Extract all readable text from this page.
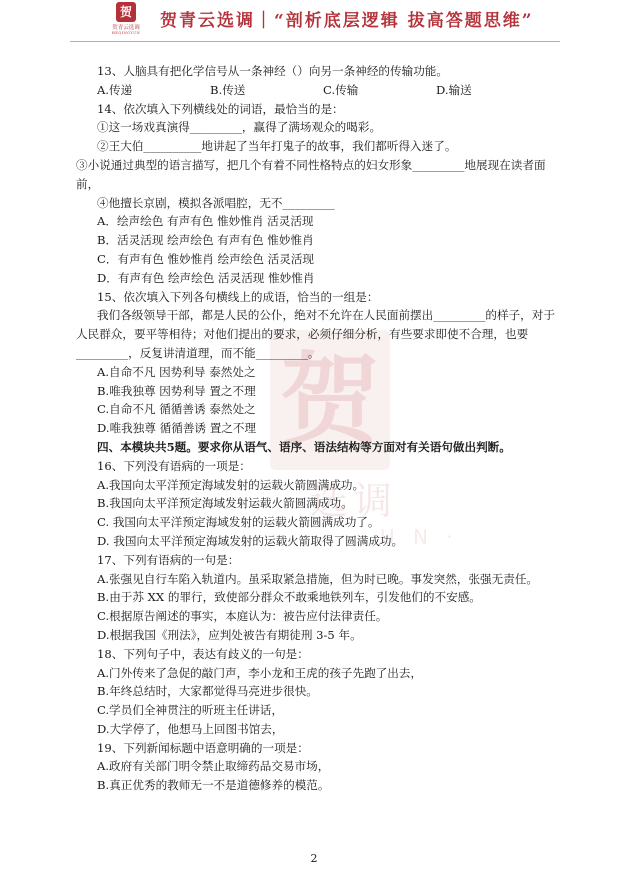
贺
贺青云选调
HEQINGYUN
贺青云选调｜“剖析底层逻辑 拔高答题思维”
贺
选调
U N ·
13、人脑具有把化学信号从一条神经（）向另一条神经的传输功能。
A.传递	B.传送	C.传输	D.输送
14、依次填入下列横线处的词语，最恰当的是：
①这一场戏真演得_________，赢得了满场观众的喝彩。
②王大伯__________地讲起了当年打鬼子的故事，我们都听得入迷了。
③小说通过典型的语言描写，把几个有着不同性格特点的妇女形象_________地展现在读者面前，
④他擅长京剧，模拟各派唱腔，无不_________
A．绘声绘色 有声有色 惟妙惟肖 活灵活现
B．活灵活现 绘声绘色 有声有色 惟妙惟肖
C．有声有色 惟妙惟肖 绘声绘色 活灵活现
D．有声有色 绘声绘色 活灵活现 惟妙惟肖
15、依次填入下列各句横线上的成语，恰当的一组是：
我们各级领导干部，都是人民的公仆，绝对不允许在人民面前摆出_________的样子，对于人民群众，要平等相待；对他们提出的要求，必须仔细分析，有些要求即使不合理，也要_________，反复讲清道理，而不能_________。
A.自命不凡 因势利导 泰然处之
B.唯我独尊 因势利导 置之不理
C.自命不凡 循循善诱 泰然处之
D.唯我独尊 循循善诱 置之不理
四、本模块共5题。要求你从语气、语序、语法结构等方面对有关语句做出判断。
16、下列没有语病的一项是：
A.我国向太平洋预定海域发射的运载火箭圆满成功。
B.我国向太平洋预定海域发射运载火箭圆满成功。
C. 我国向太平洋预定海域发射的运载火箭圆满成功了。
D. 我国向太平洋预定海域发射的运载火箭取得了圆满成功。
17、下列有语病的一句是：
A.张强见自行车陷入轨道内。虽采取紧急措施，但为时已晚。事发突然，张强无责任。
B.由于苏 XX 的罪行，致使部分群众不敢乘地铁列车，引发他们的不安感。
C.根据原告阐述的事实，本庭认为：被告应付法律责任。
D.根据我国《刑法》，应判处被告有期徒刑 3-5 年。
18、下列句子中，表达有歧义的一句是：
A.门外传来了急促的敲门声，李小龙和王虎的孩子先跑了出去，
B.年终总结时，大家都觉得马亮进步很快。
C.学员们全神贯注的听班主任讲话，
D.大学停了，他想马上回图书馆去，
19、下列新闻标题中语意明确的一项是：
A.政府有关部门明令禁止取缔药品交易市场，
B.真正优秀的教师无一不是道德修养的模范。
2
